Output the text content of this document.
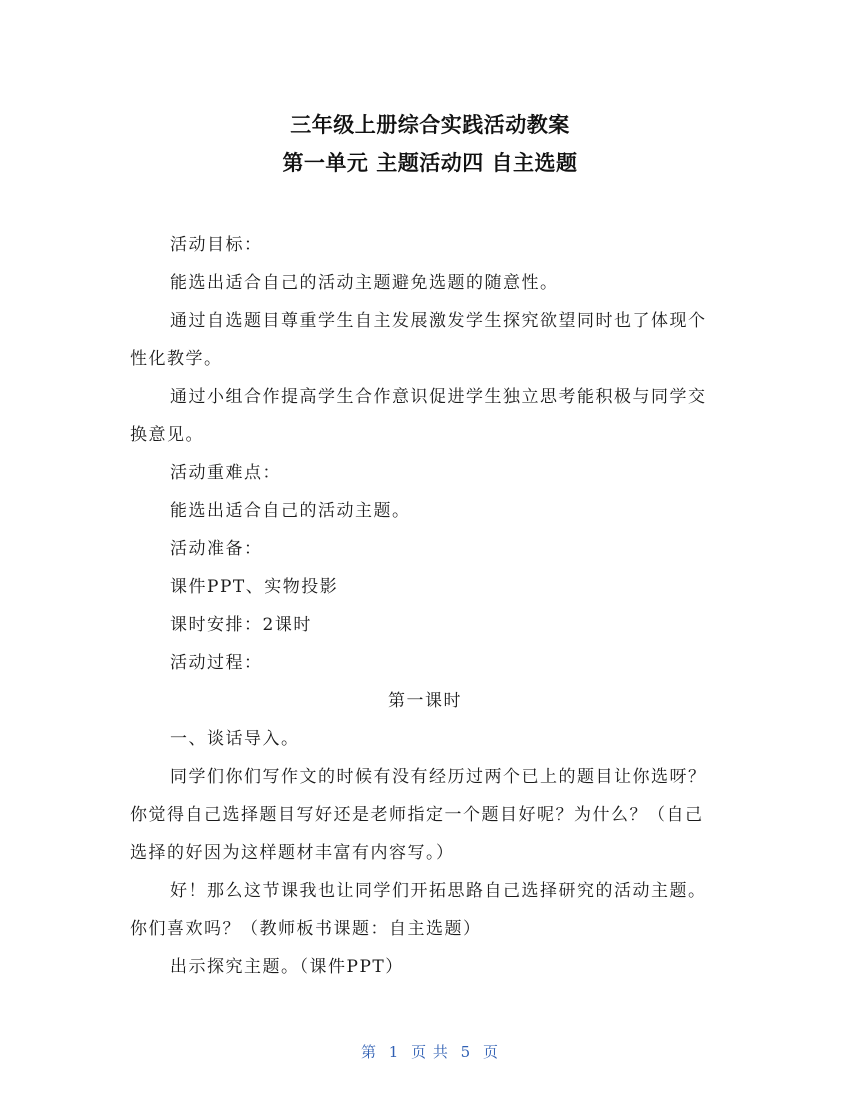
三年级上册综合实践活动教案
第一单元 主题活动四 自主选题

活动目标：

能选出适合自己的活动主题避免选题的随意性。

通过自选题目尊重学生自主发展激发学生探究欲望同时也了体现个性化教学。

通过小组合作提高学生合作意识促进学生独立思考能积极与同学交换意见。

活动重难点：

能选出适合自己的活动主题。

活动准备：

课件PPT、实物投影

课时安排：2课时

活动过程：

第一课时

一、谈话导入。

同学们你们写作文的时候有没有经历过两个已上的题目让你选呀？你觉得自己选择题目写好还是老师指定一个题目好呢？为什么？（自己选择的好因为这样题材丰富有内容写。）

好！那么这节课我也让同学们开拓思路自己选择研究的活动主题。你们喜欢吗？（教师板书课题：自主选题）

出示探究主题。（课件PPT）

第 1 页 共 5 页
